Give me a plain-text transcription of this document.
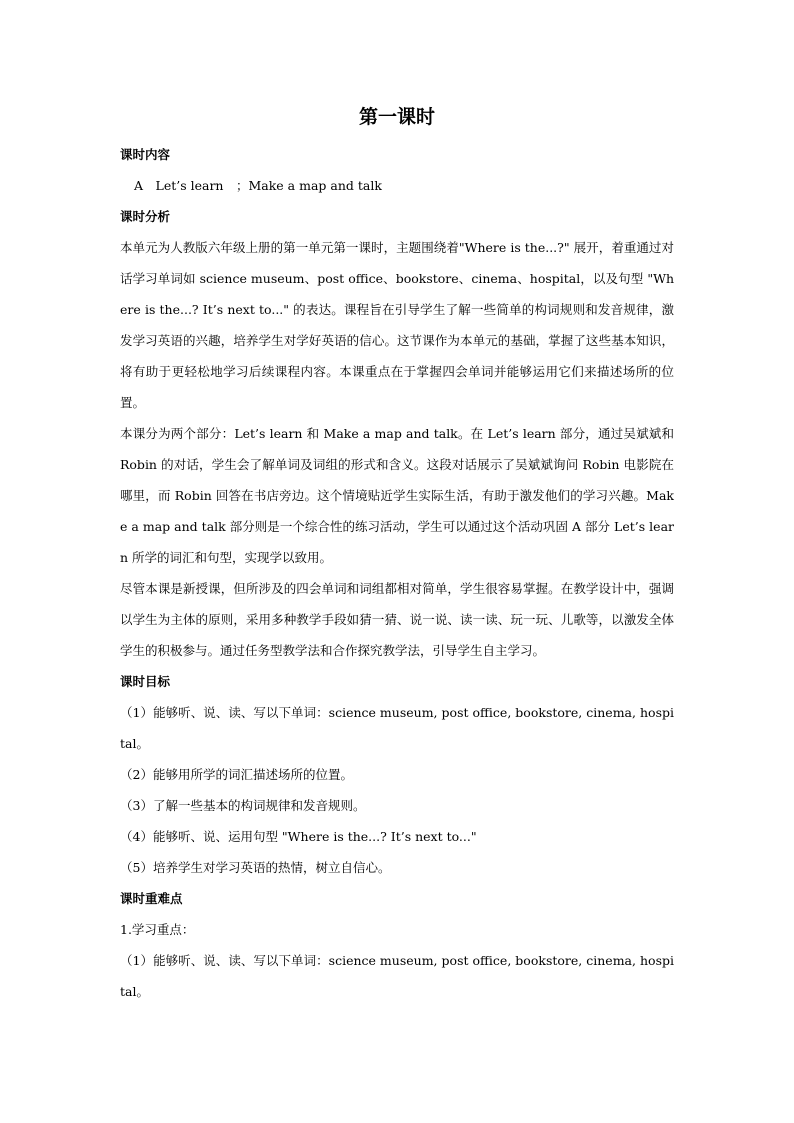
第一课时
课时内容
A　Let’s learn　；Make a map and talk
课时分析
本单元为人教版六年级上册的第一单元第一课时，主题围绕着"Where is the...?" 展开，着重通过对话学习单词如 science museum、post office、bookstore、cinema、hospital，以及句型 "Where is the...? It’s next to..." 的表达。课程旨在引导学生了解一些简单的构词规则和发音规律，激发学习英语的兴趣，培养学生对学好英语的信心。这节课作为本单元的基础，掌握了这些基本知识，将有助于更轻松地学习后续课程内容。本课重点在于掌握四会单词并能够运用它们来描述场所的位置。
本课分为两个部分：Let’s learn 和 Make a map and talk。在 Let’s learn 部分，通过吴斌斌和 Robin 的对话，学生会了解单词及词组的形式和含义。这段对话展示了吴斌斌询问 Robin 电影院在哪里，而 Robin 回答在书店旁边。这个情境贴近学生实际生活，有助于激发他们的学习兴趣。Make a map and talk 部分则是一个综合性的练习活动，学生可以通过这个活动巩固 A 部分 Let’s learn 所学的词汇和句型，实现学以致用。
尽管本课是新授课，但所涉及的四会单词和词组都相对简单，学生很容易掌握。在教学设计中，强调以学生为主体的原则，采用多种教学手段如猜一猜、说一说、读一读、玩一玩、儿歌等，以激发全体学生的积极参与。通过任务型教学法和合作探究教学法，引导学生自主学习。
课时目标
（1）能够听、说、读、写以下单词：science museum, post office, bookstore, cinema, hospital。
（2）能够用所学的词汇描述场所的位置。
（3）了解一些基本的构词规律和发音规则。
（4）能够听、说、运用句型 "Where is the...? It’s next to..."
（5）培养学生对学习英语的热情，树立自信心。
课时重难点
1.学习重点：
（1）能够听、说、读、写以下单词：science museum, post office, bookstore, cinema, hospital。
